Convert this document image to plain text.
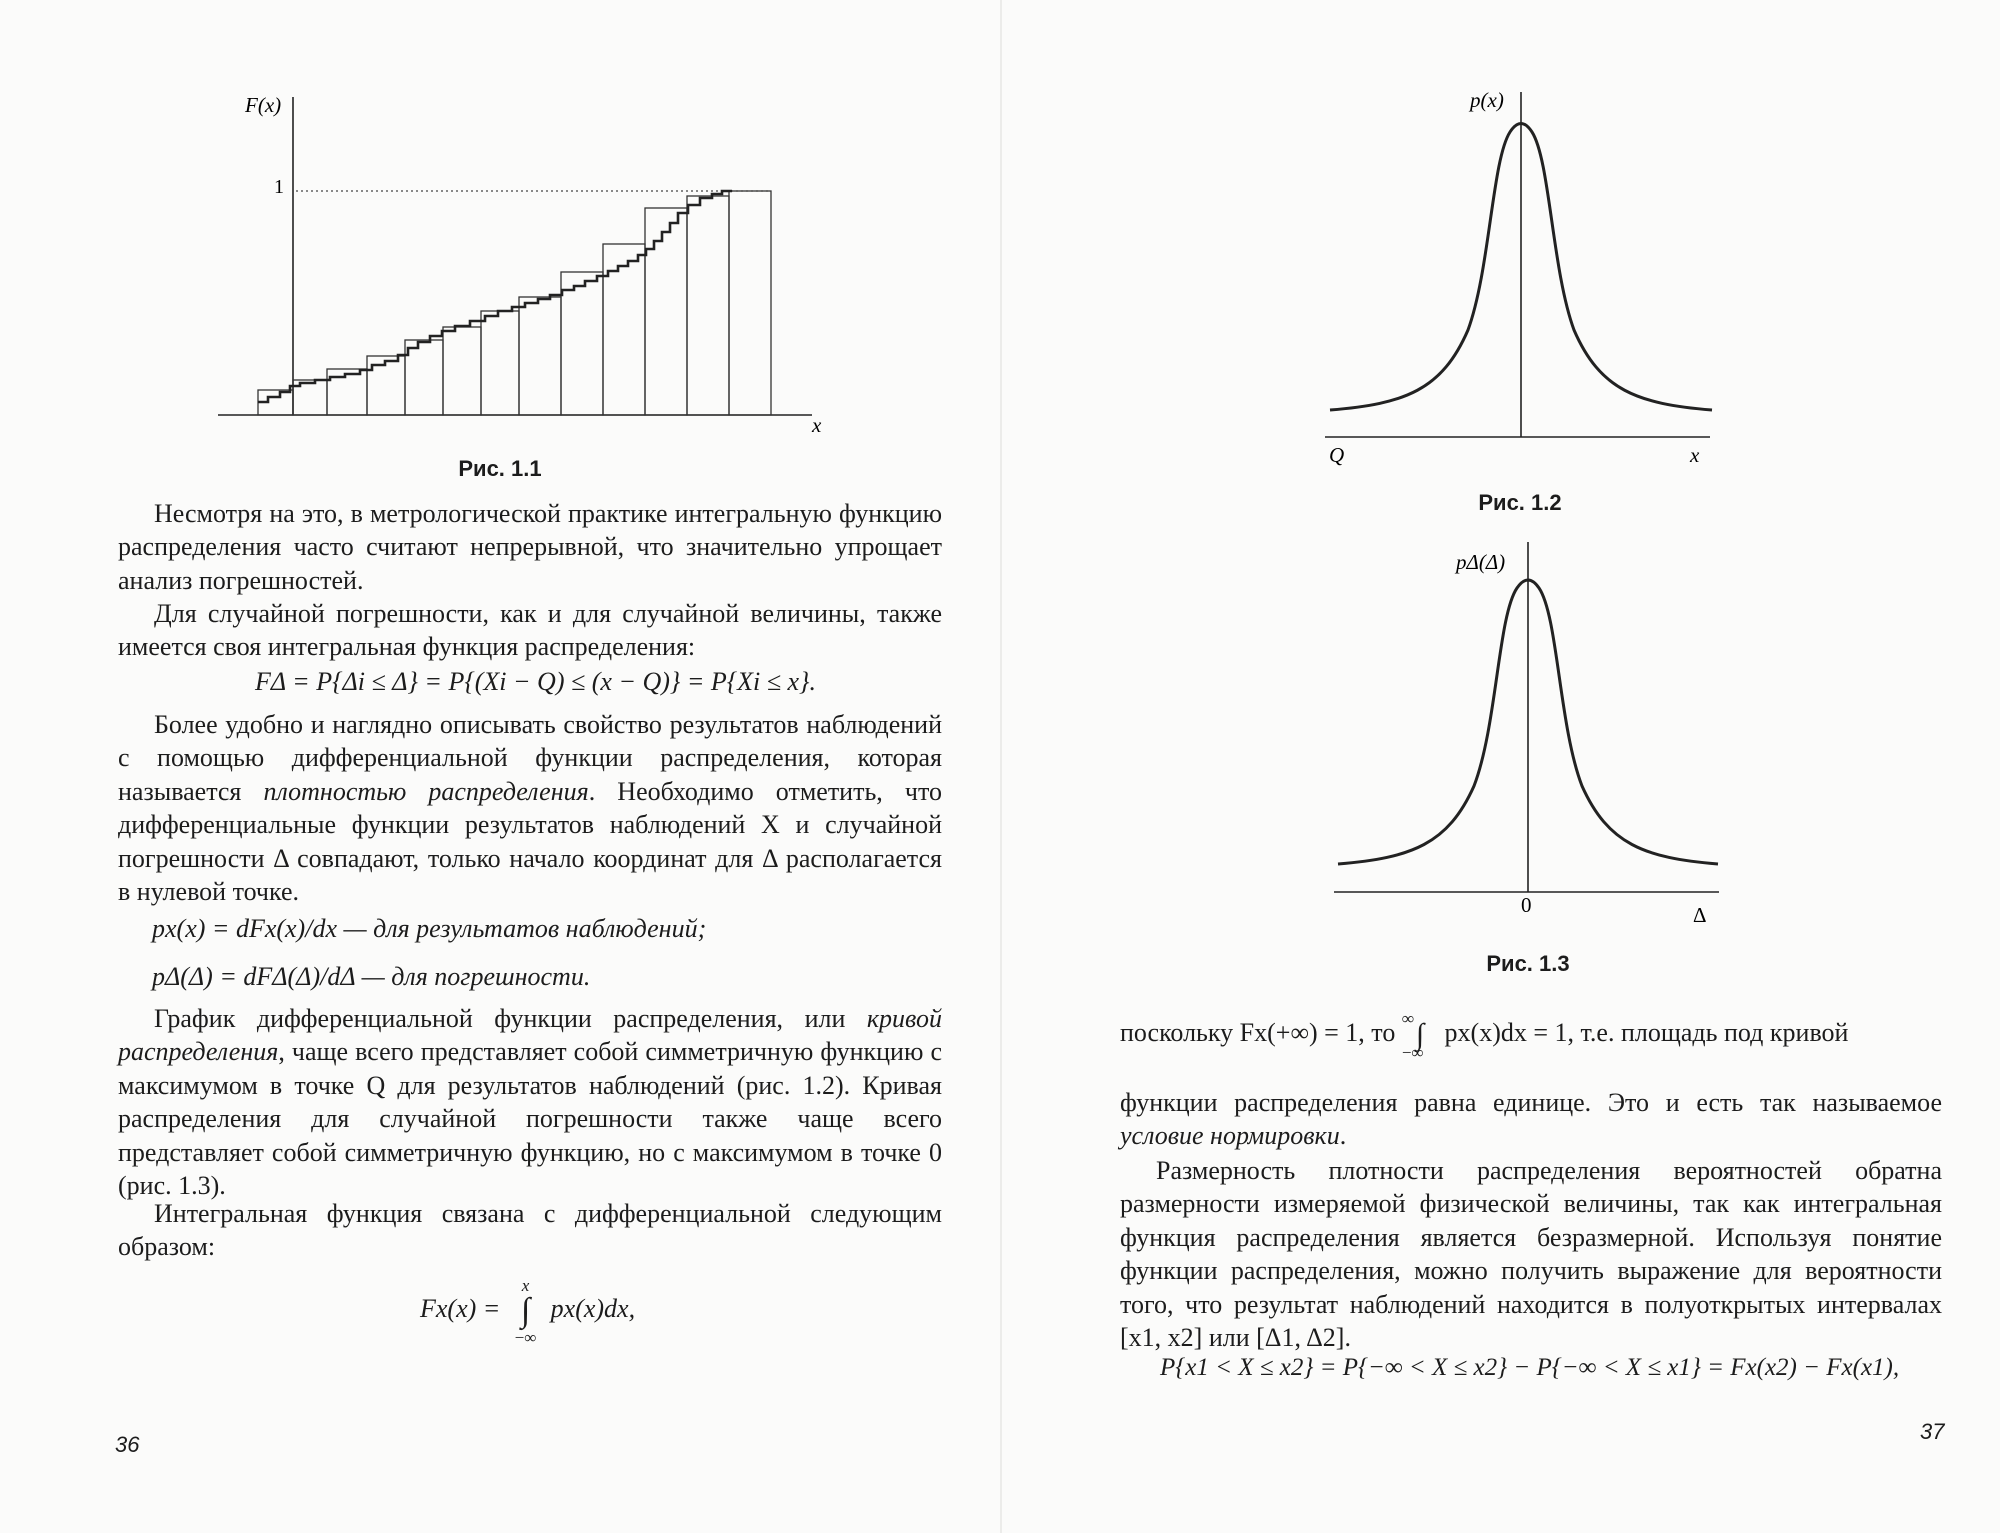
F(x)
1
x

Рис. 1.1

Несмотря на это, в метрологической практике интегральную функцию распределения часто считают непрерывной, что значительно упрощает анализ погрешностей.

Для случайной погрешности, как и для случайной величины, также имеется своя интегральная функция распределения:

FΔ = P{Δi ≤ Δ} = P{(Xi − Q) ≤ (x − Q)} = P{Xi ≤ x}.

Более удобно и наглядно описывать свойство результатов наблюдений с помощью дифференциальной функции распределения, которая называется плотностью распределения. Необходимо отметить, что дифференциальные функции результатов наблюдений X и случайной погрешности Δ совпадают, только начало координат для Δ располагается в нулевой точке.

px(x) = dFx(x)/dx — для результатов наблюдений;

pΔ(Δ) = dFΔ(Δ)/dΔ — для погрешности.

График дифференциальной функции распределения, или кривой распределения, чаще всего представляет собой симметричную функцию с максимумом в точке Q для результатов наблюдений (рис. 1.2). Кривая распределения для случайной погрешности также чаще всего представляет собой симметричную функцию, но с максимумом в точке 0 (рис. 1.3).

Интегральная функция связана с дифференциальной следующим образом:

Fx(x) = ∫
x
−∞
px(x)dx,

36

p(x)
Q	x

Рис. 1.2

pΔ(Δ)
0	Δ

Рис. 1.3

поскольку Fx(+∞) = 1, то ∫
∞
−∞
px(x)dx = 1, т.е. площадь под кривой

функции распределения равна единице. Это и есть так называемое условие нормировки.

Размерность плотности распределения вероятностей обратна размерности измеряемой физической величины, так как интегральная функция распределения является безразмерной. Используя понятие функции распределения, можно получить выражение для вероятности того, что результат наблюдений находится в полуоткрытых интервалах [x1, x2] или [Δ1, Δ2].

P{x1 < X ≤ x2} = P{−∞ < X ≤ x2} − P{−∞ < X ≤ x1} = Fx(x2) − Fx(x1),

37
